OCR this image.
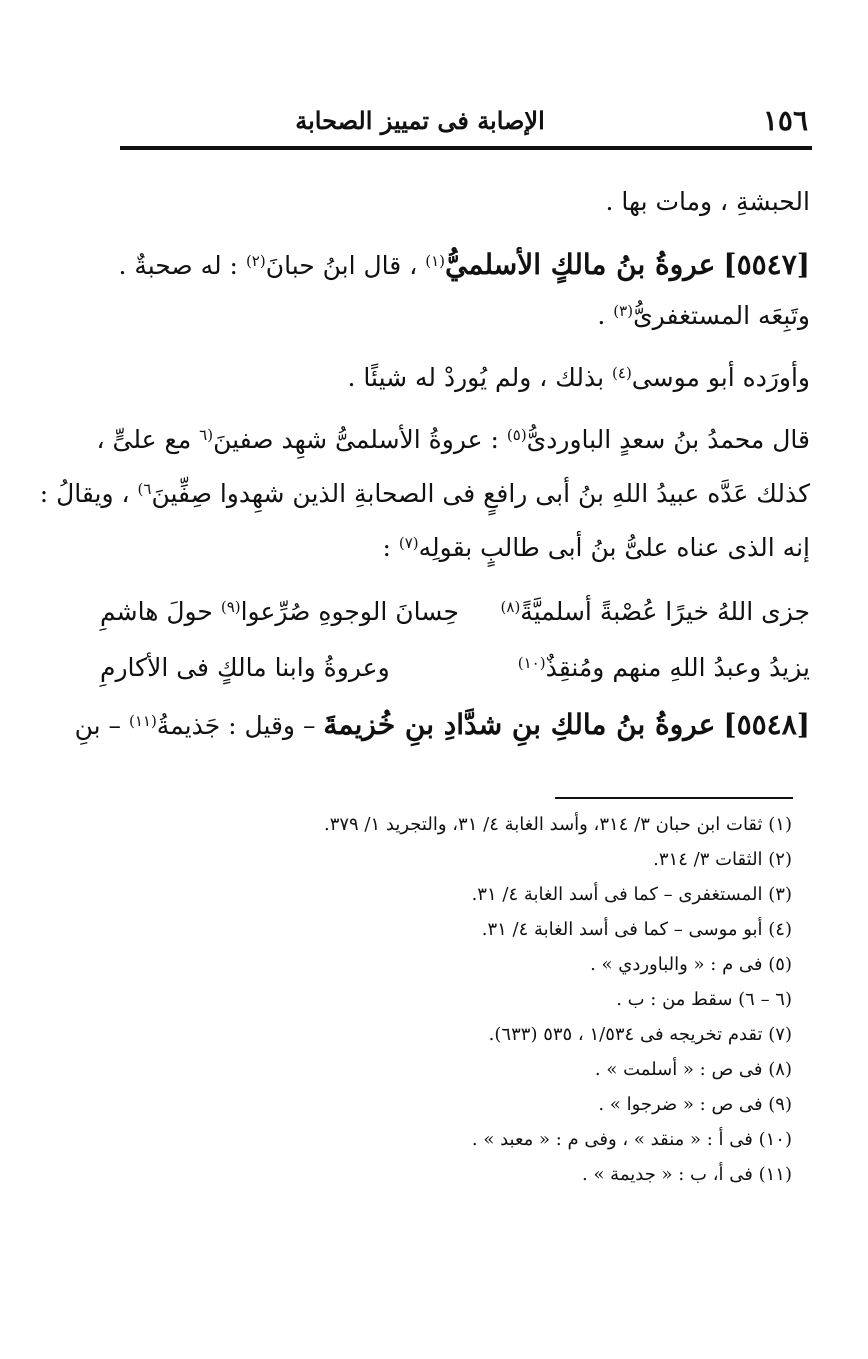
١٥٦
الإصابة فى تمييز الصحابة
الحبشةِ ، ومات بها .
[٥٥٤٧] عروةُ بنُ مالكٍ الأسلميُّ$^{(١)}$ ، قال ابنُ حبانَ$^{(٢)}$ : له صحبةٌ .
وتَبِعَه المستغفرىُّ$^{(٣)}$ .
وأورَده أبو موسى$^{(٤)}$ بذلك ، ولم يُوردْ له شيئًا .
قال محمدُ بنُ سعدٍ الباوردىُّ$^{(٥)}$ : عروةُ الأسلمىُّ شهِد صفينَ$^{(٦}$ مع علىٍّ ،
كذلك عَدَّه عبيدُ اللهِ بنُ أبى رافعٍ فى الصحابةِ الذين شهِدوا صِفِّينَ$^{٦)}$ ، ويقالُ :
إنه الذى عناه علىُّ بنُ أبى طالبٍ بقولِه$^{(٧)}$ :
جزى اللهُ خيرًا عُصْبةً أسلميَّةً$^{(٨)}$
حِسانَ الوجوهِ صُرِّعوا$^{(٩)}$ حولَ هاشمِ
يزيدُ وعبدُ اللهِ منهم ومُنقِذٌ$^{(١٠)}$
وعروةُ وابنا مالكٍ فى الأكارمِ
[٥٥٤٨] عروةُ بنُ مالكِ بنِ شدَّادِ بنِ خُزيمةَ – وقيل : جَذيمةُ$^{(١١)}$ – بنِ
(١) ثقات ابن حبان ٣/ ٣١٤، وأسد الغابة ٤/ ٣١، والتجريد ١/ ٣٧٩.
(٢) الثقات ٣/ ٣١٤.
(٣) المستغفرى – كما فى أسد الغابة ٤/ ٣١.
(٤) أبو موسى – كما فى أسد الغابة ٤/ ٣١.
(٥) فى م : « والباوردي » .
(٦ – ٦) سقط من : ب .
(٧) تقدم تخريجه فى ١/٥٣٤ ، ٥٣٥ (٦٣٣).
(٨) فى ص : « أسلمت » .
(٩) فى ص : « ضرجوا » .
(١٠) فى أ : « منقد » ، وفى م : « معبد » .
(١١) فى أ، ب : « جديمة » .
